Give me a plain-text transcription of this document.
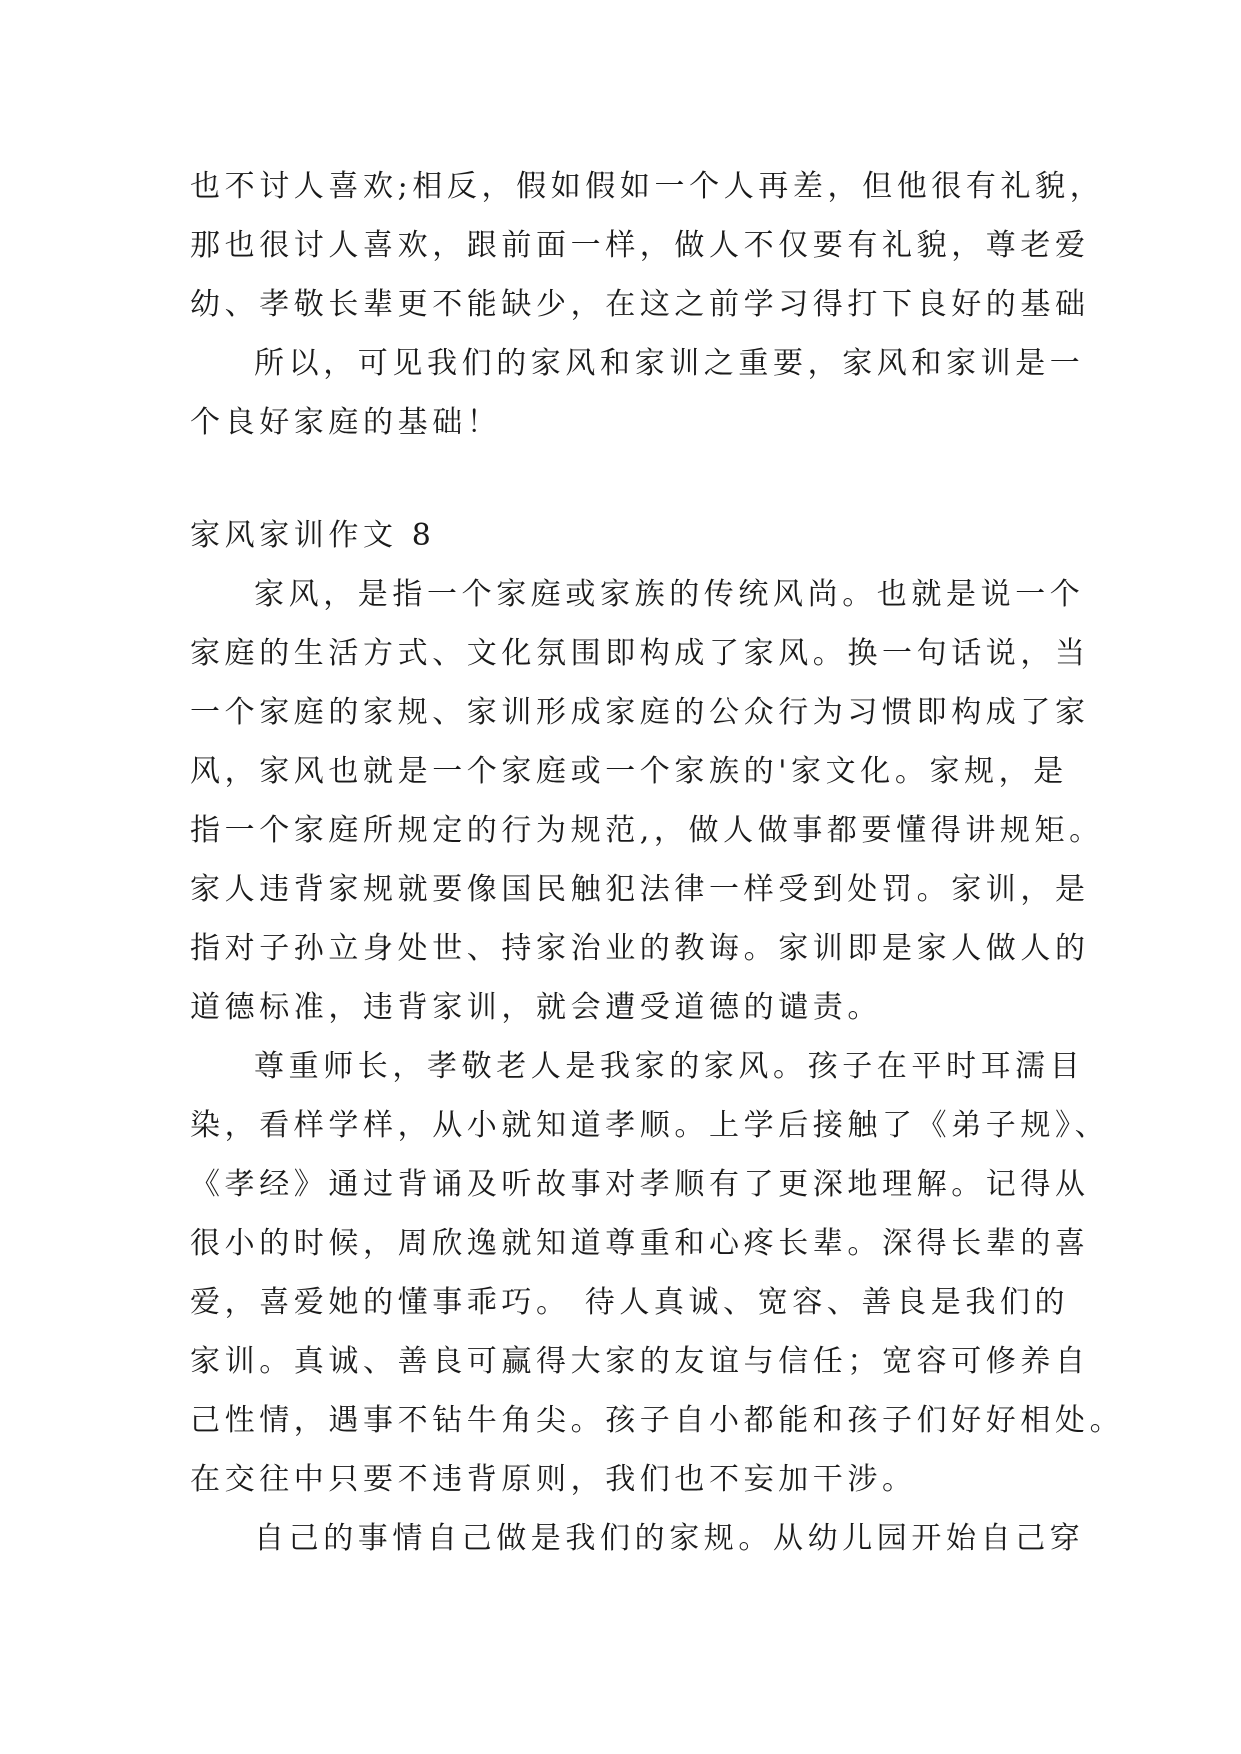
也不讨人喜欢;相反，假如假如一个人再差，但他很有礼貌，
那也很讨人喜欢，跟前面一样，做人不仅要有礼貌，尊老爱
幼、孝敬长辈更不能缺少，在这之前学习得打下良好的基础
所以，可见我们的家风和家训之重要，家风和家训是一
个良好家庭的基础！
家风家训作文 8
家风，是指一个家庭或家族的传统风尚。也就是说一个
家庭的生活方式、文化氛围即构成了家风。换一句话说，当
一个家庭的家规、家训形成家庭的公众行为习惯即构成了家
风，家风也就是一个家庭或一个家族的'家文化。家规，是
指一个家庭所规定的行为规范,，做人做事都要懂得讲规矩。
家人违背家规就要像国民触犯法律一样受到处罚。家训，是
指对子孙立身处世、持家治业的教诲。家训即是家人做人的
道德标准，违背家训，就会遭受道德的谴责。
尊重师长，孝敬老人是我家的家风。孩子在平时耳濡目
染，看样学样，从小就知道孝顺。上学后接触了《弟子规》、
《孝经》通过背诵及听故事对孝顺有了更深地理解。记得从
很小的时候，周欣逸就知道尊重和心疼长辈。深得长辈的喜
爱，喜爱她的懂事乖巧。 待人真诚、宽容、善良是我们的
家训。真诚、善良可赢得大家的友谊与信任；宽容可修养自
己性情，遇事不钻牛角尖。孩子自小都能和孩子们好好相处。
在交往中只要不违背原则，我们也不妄加干涉。
自己的事情自己做是我们的家规。从幼儿园开始自己穿
